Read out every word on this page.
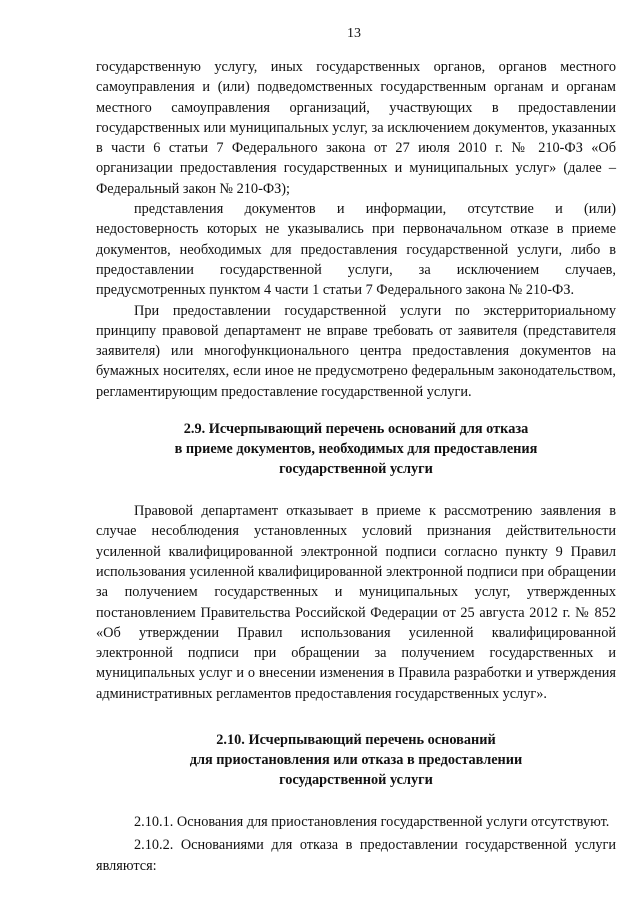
13

государственную услугу, иных государственных органов, органов местного самоуправления и (или) подведомственных государственным органам и органам местного самоуправления организаций, участвующих в предоставлении государственных или муниципальных услуг, за исключением документов, указанных в части 6 статьи 7 Федерального закона от 27 июля 2010 г. № 210-ФЗ «Об организации предоставления государственных и муниципальных услуг» (далее – Федеральный закон № 210-ФЗ);

представления документов и информации, отсутствие и (или) недостоверность которых не указывались при первоначальном отказе в приеме документов, необходимых для предоставления государственной услуги, либо в предоставлении государственной услуги, за исключением случаев, предусмотренных пунктом 4 части 1 статьи 7 Федерального закона № 210-ФЗ.

При предоставлении государственной услуги по экстерриториальному принципу правовой департамент не вправе требовать от заявителя (представителя заявителя) или многофункционального центра предоставления документов на бумажных носителях, если иное не предусмотрено федеральным законодательством, регламентирующим предоставление государственной услуги.

2.9. Исчерпывающий перечень оснований для отказа

в приеме документов, необходимых для предоставления

государственной услуги

Правовой департамент отказывает в приеме к рассмотрению заявления в случае несоблюдения установленных условий признания действительности усиленной квалифицированной электронной подписи согласно пункту 9 Правил использования усиленной квалифицированной электронной подписи при обращении за получением государственных и муниципальных услуг, утвержденных постановлением Правительства Российской Федерации от 25 августа 2012 г. № 852 «Об утверждении Правил использования усиленной квалифицированной электронной подписи при обращении за получением государственных и муниципальных услуг и о внесении изменения в Правила разработки и утверждения административных регламентов предоставления государственных услуг».

2.10. Исчерпывающий перечень оснований

для приостановления или отказа в предоставлении

государственной услуги

2.10.1. Основания для приостановления государственной услуги отсутствуют.

2.10.2. Основаниями для отказа в предоставлении государственной услуги являются:
